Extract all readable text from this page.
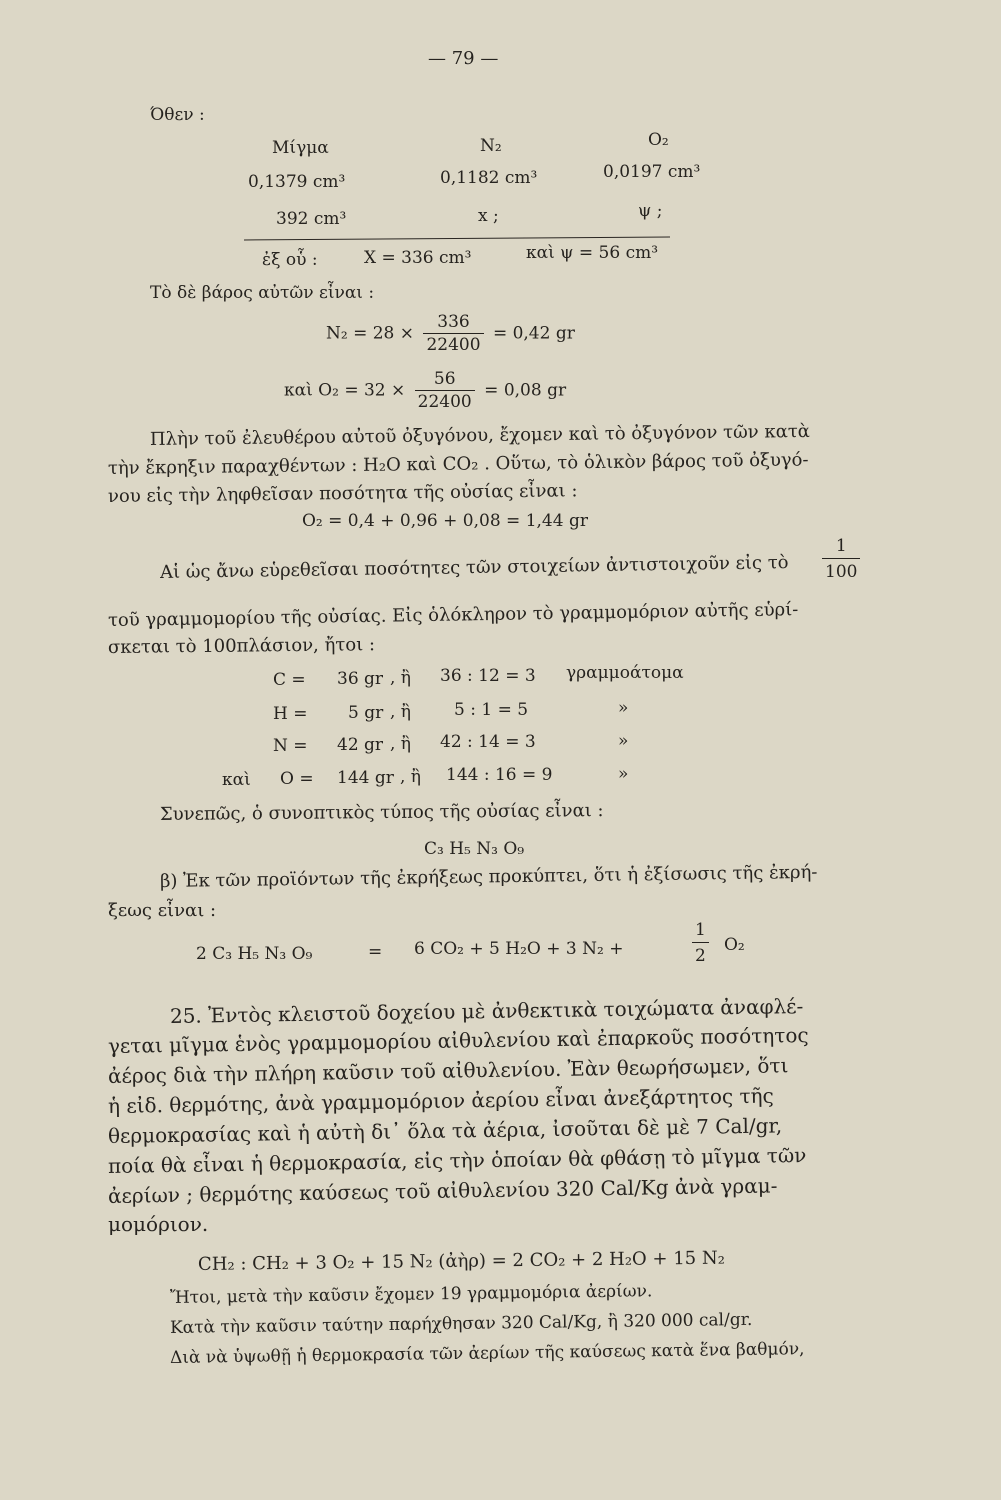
— 79 —
Όθεν :
Μίγμα	N₂	O₂
0,1379 cm³	0,1182 cm³	0,0197 cm³
392 cm³	x ;	ψ ;
ἐξ οὗ :	X = 336 cm³	καὶ ψ = 56 cm³
Τὸ δὲ βάρος αὐτῶν εἶναι :
$N_2 = 28 \times \frac{336}{22400} = 0,42$ gr
καὶ $O_2 = 32 \times \frac{56}{22400} = 0,08$ gr
Πλὴν τοῦ ἐλευθέρου αὐτοῦ ὀξυγόνου, ἔχομεν καὶ τὸ ὀξυγόνον τῶν κατὰ
τὴν ἔκρηξιν παραχθέντων : H₂O καὶ CO₂ . Οὕτω, τὸ ὁλικὸν βάρος τοῦ ὀξυγό-
νου εἰς τὴν ληφθεῖσαν ποσότητα τῆς οὐσίας εἶναι :
O₂ = 0,4 + 0,96 + 0,08 = 1,44 gr
Αἱ ὡς ἄνω εὑρεθεῖσαι ποσότητες τῶν στοιχείων ἀντιστοιχοῦν εἰς τὸ $\frac{1}{100}$
τοῦ γραμμομορίου τῆς οὐσίας. Εἰς ὁλόκληρον τὸ γραμμομόριον αὐτῆς εὑρί-
σκεται τὸ 100πλάσιον, ἤτοι :
C = 36 gr , ἢ 36 : 12 = 3 γραμμοάτομα
H = 5 gr , ἢ	5 : 1 = 5	»
N = 42 gr , ἢ 42 : 14 = 3	»
καὶ O = 144 gr , ἢ 144 : 16 = 9	»
Συνεπῶς, ὁ συνοπτικὸς τύπος τῆς οὐσίας εἶναι :
C₃ H₅ N₃ O₉
β) Ἐκ τῶν προϊόντων τῆς ἐκρήξεως προκύπτει, ὅτι ἡ ἐξίσωσις τῆς ἐκρή-
ξεως εἶναι :
2 C₃ H₅ N₃ O₉	= 6 CO₂ + 5 H₂O + 3 N₂ +	$\frac{1}{2} O_2$
25. Ἐντὸς κλειστοῦ δοχείου μὲ ἀνθεκτικὰ τοιχώματα ἀναφλέ-
γεται μῖγμα ἑνὸς γραμμομορίου αἰθυλενίου καὶ ἐπαρκοῦς ποσότητος
ἀέρος διὰ τὴν πλήρη καῦσιν τοῦ αἰθυλενίου. Ἐὰν θεωρήσωμεν, ὅτι
ἡ εἰδ. θερμότης, ἀνὰ γραμμομόριον ἀερίου εἶναι ἀνεξάρτητος τῆς
θερμοκρασίας καὶ ἡ αὐτὴ δι᾽ ὅλα τὰ ἀέρια, ἰσοῦται δὲ μὲ 7 Cal/gr,
ποία θὰ εἶναι ἡ θερμοκρασία, εἰς τὴν ὁποίαν θὰ φθάσῃ τὸ μῖγμα τῶν
ἀερίων ; θερμότης καύσεως τοῦ αἰθυλενίου 320 Cal/Kg ἀνὰ γραμ-
μομόριον.
CH₂ : CH₂ + 3 O₂ + 15 N₂ (ἀὴρ) = 2 CO₂ + 2 H₂O + 15 N₂
Ἤτοι, μετὰ τὴν καῦσιν ἔχομεν 19 γραμμομόρια ἀερίων.
Κατὰ τὴν καῦσιν ταύτην παρήχθησαν 320 Cal/Kg, ἢ 320 000 cal/gr.
Διὰ νὰ ὑψωθῇ ἡ θερμοκρασία τῶν ἀερίων τῆς καύσεως κατὰ ἕνα βαθμόν,
